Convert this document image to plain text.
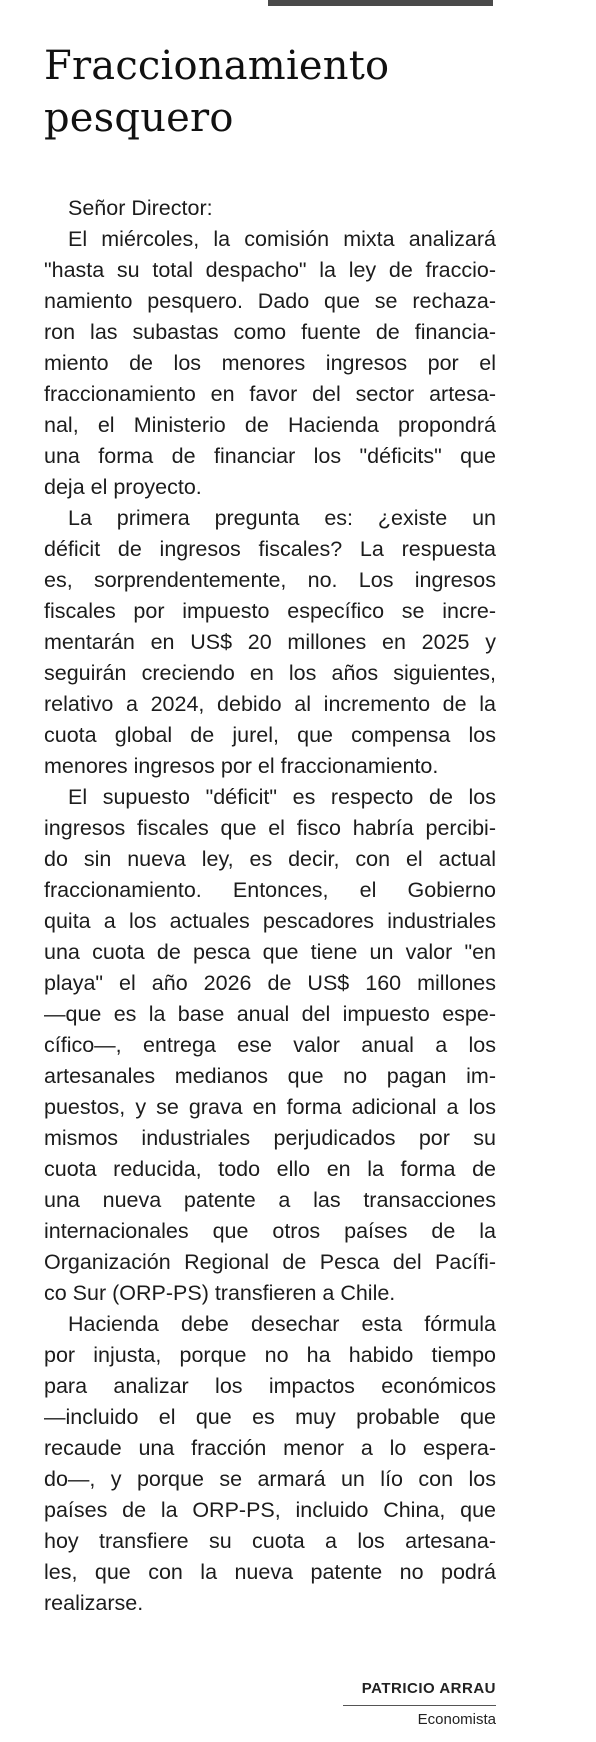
Fraccionamiento
pesquero
Señor Director:
El miércoles, la comisión mixta analizará
"hasta su total despacho" la ley de fraccio-
namiento pesquero. Dado que se rechaza-
ron las subastas como fuente de financia-
miento de los menores ingresos por el
fraccionamiento en favor del sector artesa-
nal, el Ministerio de Hacienda propondrá
una forma de financiar los "déficits" que
deja el proyecto.
La primera pregunta es: ¿existe un
déficit de ingresos fiscales? La respuesta
es, sorprendentemente, no. Los ingresos
fiscales por impuesto específico se incre-
mentarán en US$ 20 millones en 2025 y
seguirán creciendo en los años siguientes,
relativo a 2024, debido al incremento de la
cuota global de jurel, que compensa los
menores ingresos por el fraccionamiento.
El supuesto "déficit" es respecto de los
ingresos fiscales que el fisco habría percibi-
do sin nueva ley, es decir, con el actual
fraccionamiento. Entonces, el Gobierno
quita a los actuales pescadores industriales
una cuota de pesca que tiene un valor "en
playa" el año 2026 de US$ 160 millones
—que es la base anual del impuesto espe-
cífico—, entrega ese valor anual a los
artesanales medianos que no pagan im-
puestos, y se grava en forma adicional a los
mismos industriales perjudicados por su
cuota reducida, todo ello en la forma de
una nueva patente a las transacciones
internacionales que otros países de la
Organización Regional de Pesca del Pacífi-
co Sur (ORP-PS) transfieren a Chile.
Hacienda debe desechar esta fórmula
por injusta, porque no ha habido tiempo
para analizar los impactos económicos
—incluido el que es muy probable que
recaude una fracción menor a lo espera-
do—, y porque se armará un lío con los
países de la ORP-PS, incluido China, que
hoy transfiere su cuota a los artesana-
les, que con la nueva patente no podrá
realizarse.
PATRICIO ARRAU
Economista
